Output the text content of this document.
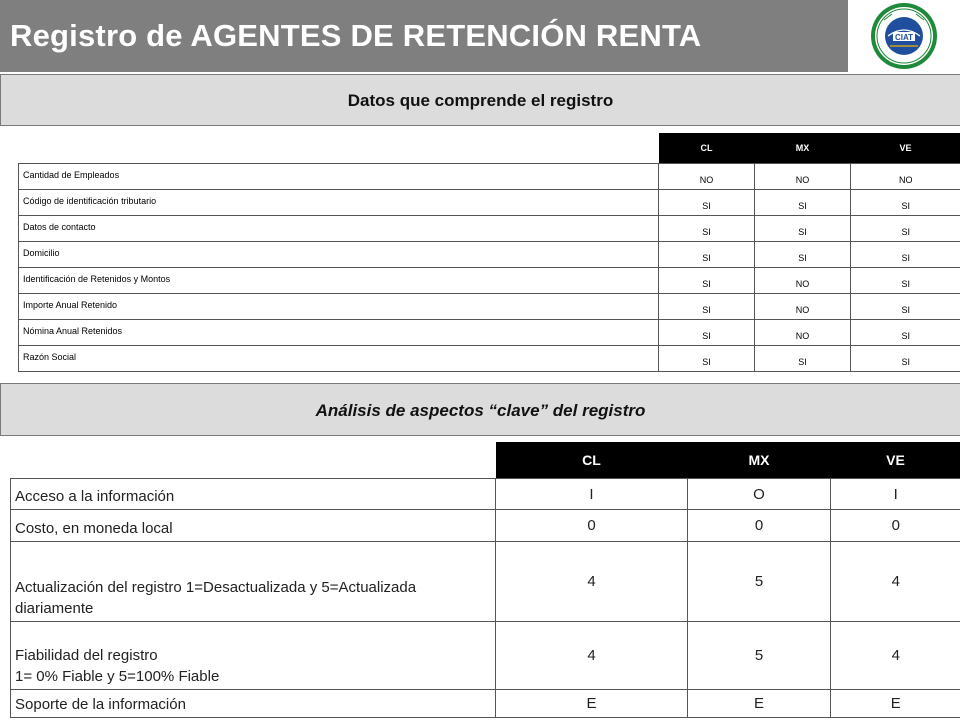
Registro de AGENTES DE RETENCIÓN RENTA	CIAT
Datos que comprende el registro
	CL	MX	VE
Cantidad de Empleados	NO	NO	NO
Código de identificación tributario	SI	SI	SI
Datos de contacto	SI	SI	SI
Domicilio	SI	SI	SI
Identificación de Retenidos y Montos	SI	NO	SI
Importe Anual Retenido	SI	NO	SI
Nómina Anual Retenidos	SI	NO	SI
Razón Social	SI	SI	SI
Análisis de aspectos “clave” del registro
	CL	MX	VE
Acceso a la información	I	O	I
Costo, en moneda local	0	0	0
Actualización del registro 1=Desactualizada y 5=Actualizada diariamente	4	5	4
Fiabilidad del registro
1= 0% Fiable y 5=100% Fiable	4	5	4
Soporte de la información	E	E	E
